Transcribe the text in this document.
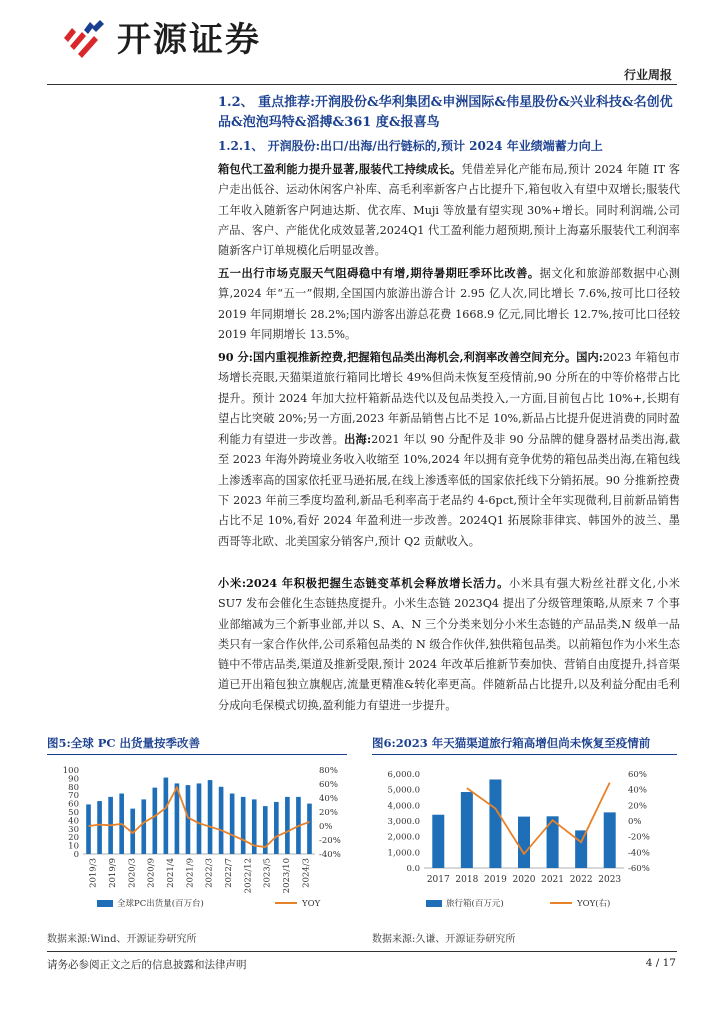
开源证券
行业周报
1.2、 重点推荐:开润股份&华利集团&申洲国际&伟星股份&兴业科技&名创优品&泡泡玛特&滔搏&361 度&报喜鸟
1.2.1、 开润股份:出口/出海/出行链标的,预计 2024 年业绩端蓄力向上
箱包代工盈利能力提升显著,服装代工持续成长。凭借差异化产能布局,预计 2024 年随 IT 客户走出低谷、运动休闲客户补库、高毛利率新客户占比提升下,箱包收入有望中双增长;服装代工年收入随新客户阿迪达斯、优衣库、Muji 等放量有望实现 30%+增长。同时利润端,公司产品、客户、产能优化成效显著,2024Q1 代工盈利能力超预期,预计上海嘉乐服装代工利润率随新客户订单规模化后明显改善。
五一出行市场克服天气阻碍稳中有增,期待暑期旺季环比改善。据文化和旅游部数据中心测算,2024 年“五一”假期,全国国内旅游出游合计 2.95 亿人次,同比增长 7.6%,按可比口径较 2019 年同期增长 28.2%;国内游客出游总花费 1668.9 亿元,同比增长 12.7%,按可比口径较 2019 年同期增长 13.5%。
90 分:国内重视推新控费,把握箱包品类出海机会,利润率改善空间充分。国内:2023 年箱包市场增长亮眼,天猫渠道旅行箱同比增长 49%但尚未恢复至疫情前,90 分所在的中等价格带占比提升。预计 2024 年加大拉杆箱新品迭代以及包品类投入,一方面,目前包占比 10%+,长期有望占比突破 20%;另一方面,2023 年新品销售占比不足 10%,新品占比提升促进消费的同时盈利能力有望进一步改善。出海:2021 年以 90 分配件及非 90 分品牌的健身器材品类出海,截至 2023 年海外跨境业务收入收缩至 10%,2024 年以拥有竞争优势的箱包品类出海,在箱包线上渗透率高的国家依托亚马逊拓展,在线上渗透率低的国家依托线下分销拓展。90 分推新控费下 2023 年前三季度均盈利,新品毛利率高于老品约 4-6pct,预计全年实现微利,目前新品销售占比不足 10%,看好 2024 年盈利进一步改善。2024Q1 拓展除菲律宾、韩国外的波兰、墨西哥等北欧、北美国家分销客户,预计 Q2 贡献收入。
小米:2024 年积极把握生态链变革机会释放增长活力。小米具有强大粉丝社群文化,小米 SU7 发布会催化生态链热度提升。小米生态链 2023Q4 提出了分级管理策略,从原来 7 个事业部缩减为三个新事业部,并以 S、A、N 三个分类来划分小米生态链的产品品类,N 级单一品类只有一家合作伙伴,公司系箱包品类的 N 级合作伙伴,独供箱包品类。以前箱包作为小米生态链中不带店品类,渠道及推新受限,预计 2024 年改革后推新节奏加快、营销自由度提升,抖音渠道已开出箱包独立旗舰店,流量更精准&转化率更高。伴随新品占比提升,以及利益分配由毛利分成向毛保模式切换,盈利能力有望进一步提升。
图5:全球 PC 出货量按季改善	图6:2023 年天猫渠道旅行箱高增但尚未恢复至疫情前
0
10
20
30
40
50
60
70
80
90
100
-40%
-20%
0%
20%
40%
60%
80%
2019/3 2019/9 2020/3 2020/9 2021/4 2021/9 2022/3 2022/7 2022/12 2023/5 2023/10 2024/3
全球PC出货量(百万台)	YOY
0.0
1,000.0
2,000.0
3,000.0
4,000.0
5,000.0
6,000.0
-60%
-40%
-20%
0%
20%
40%
60%
2017 2018 2019 2020 2021 2022 2023
旅行箱(百万元)	YOY(右)
数据来源:Wind、开源证券研究所	数据来源:久谦、开源证券研究所
请务必参阅正文之后的信息披露和法律声明	4 / 17
